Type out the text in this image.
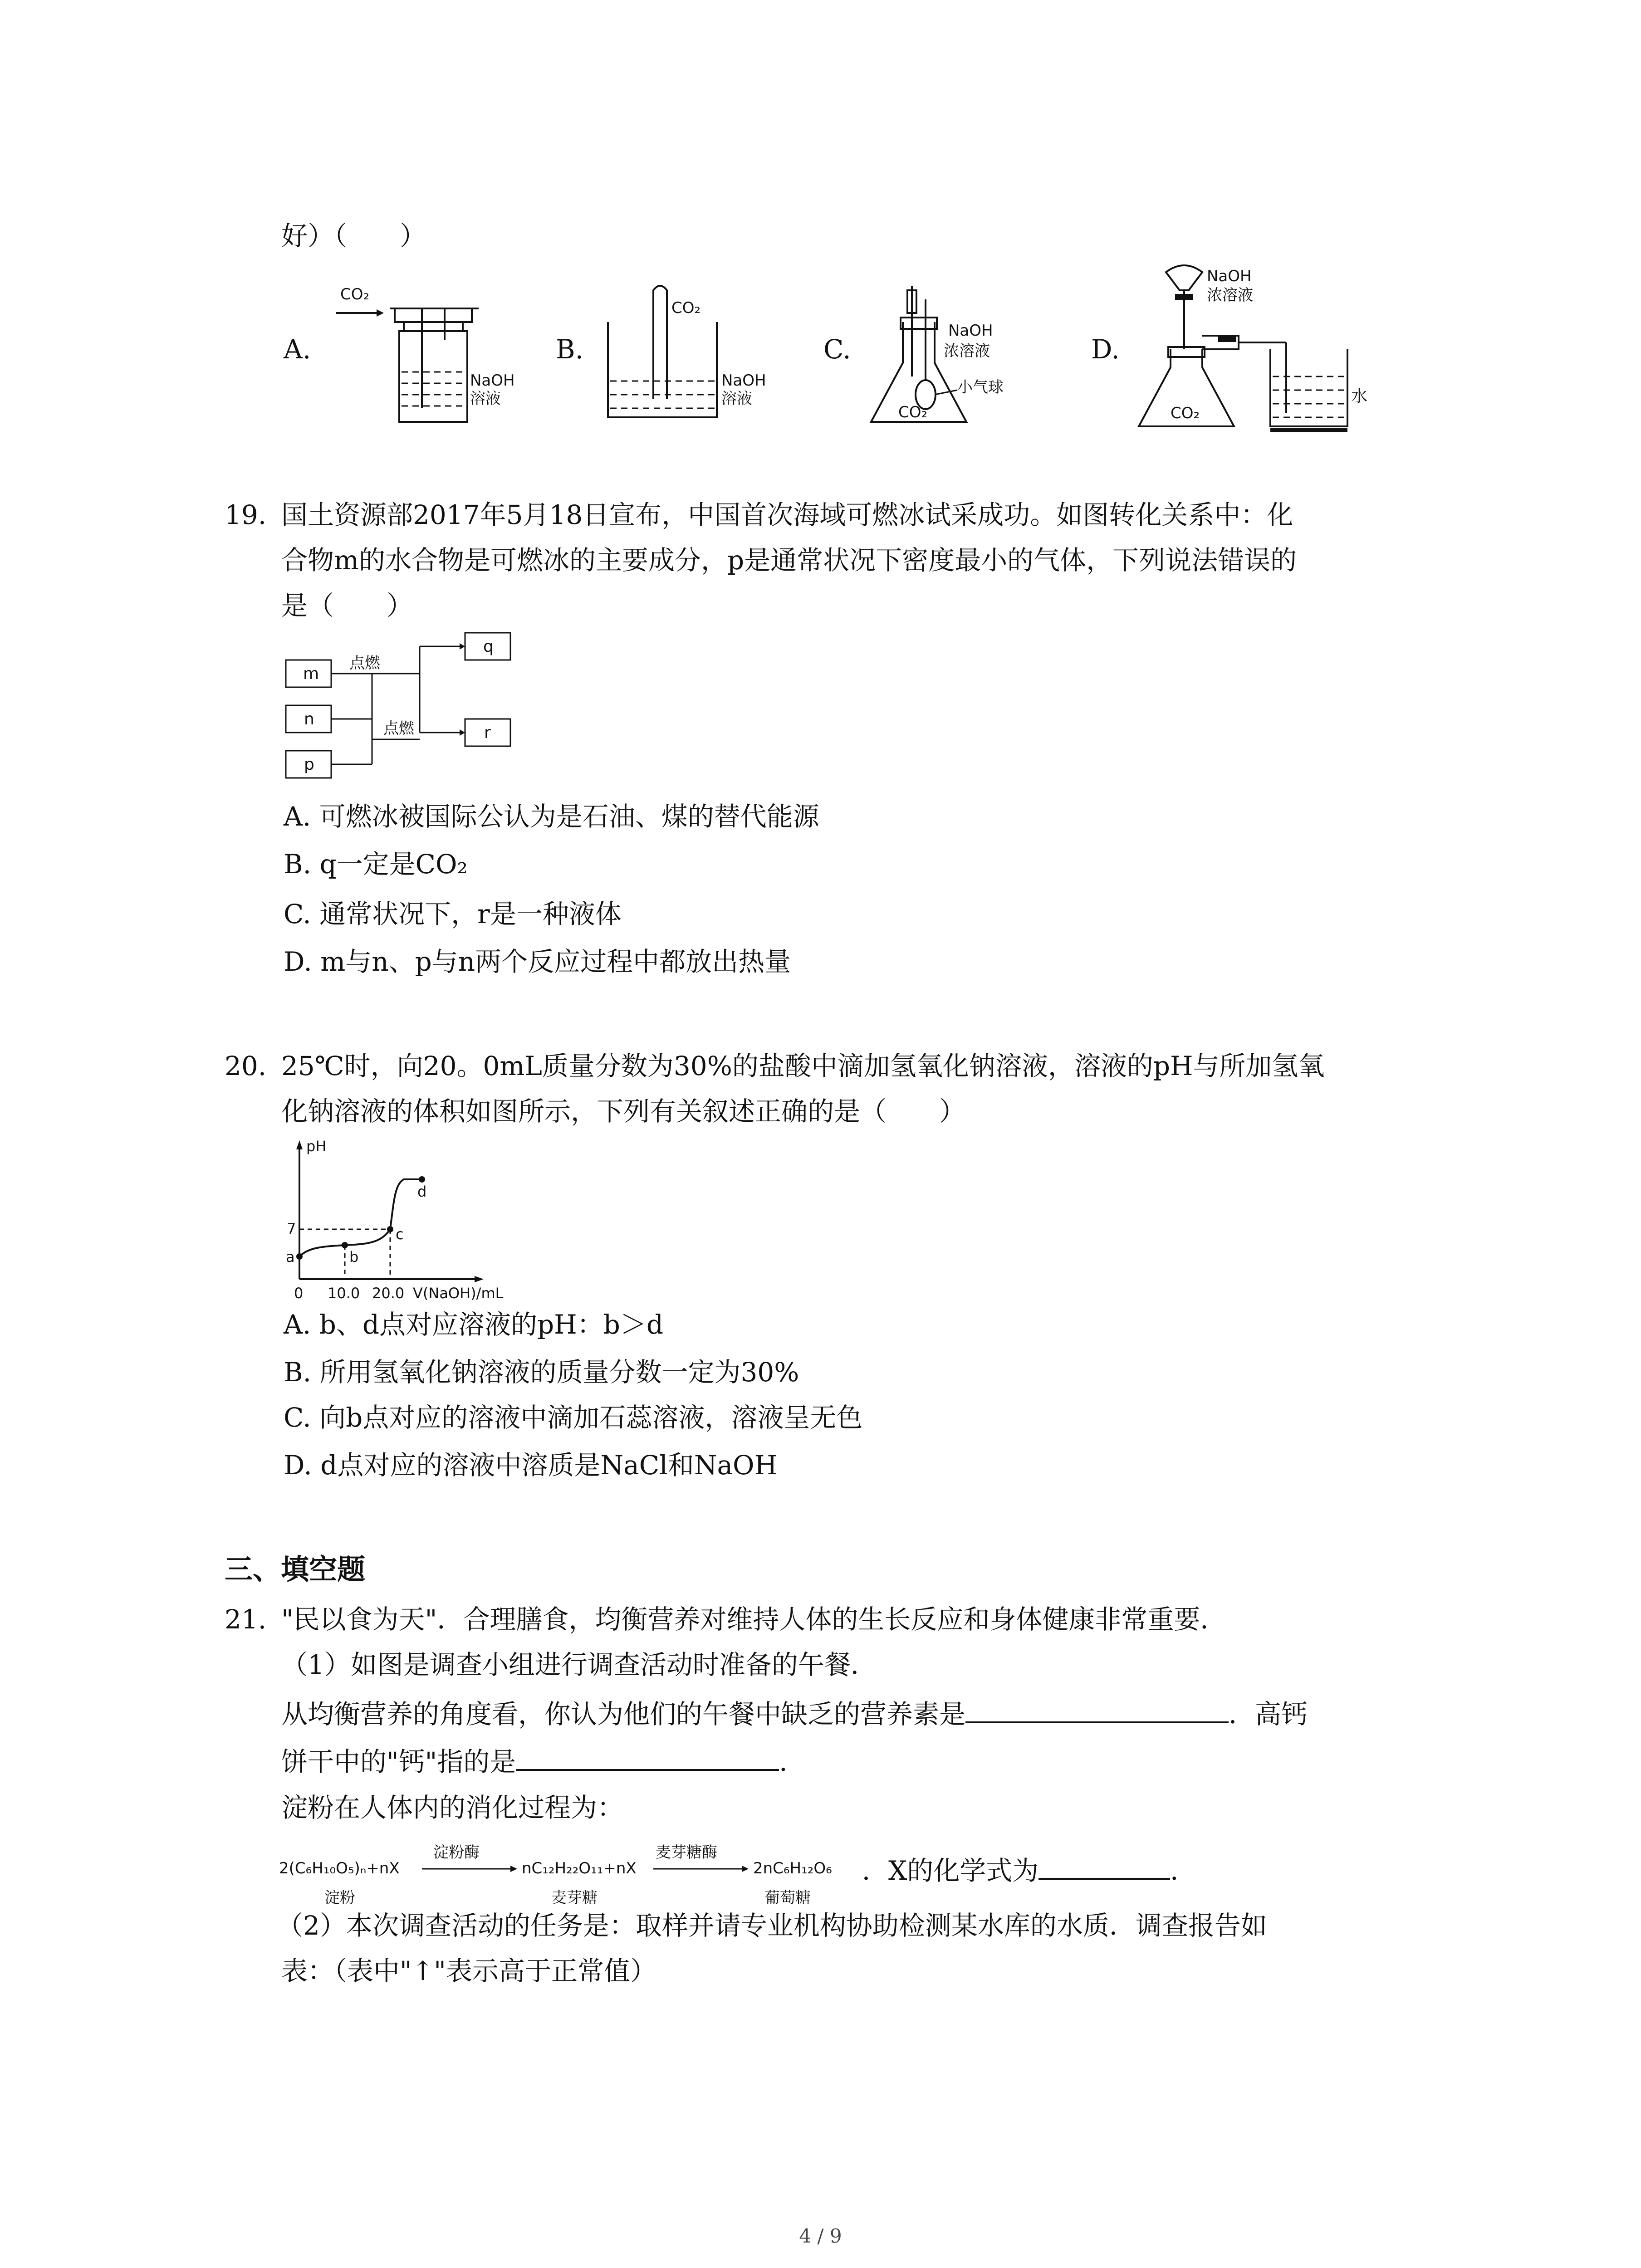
好）（　　）
A.	B.	C.	D.
CO₂
NaOH
溶液
CO₂
NaOH
溶液
NaOH
浓溶液
小气球
CO₂
NaOH
浓溶液
CO₂
水
19. 国土资源部2017年5月18日宣布，中国首次海域可燃冰试采成功。如图转化关系中：化
合物m的水合物是可燃冰的主要成分，p是通常状况下密度最小的气体，下列说法错误的
是（　　）
m
n
p
q
r
点燃
点燃
A. 可燃冰被国际公认为是石油、煤的替代能源
B. q一定是CO₂
C. 通常状况下，r是一种液体
D. m与n、p与n两个反应过程中都放出热量
20. 25℃时，向20。0mL质量分数为30%的盐酸中滴加氢氧化钠溶液，溶液的pH与所加氢氧
化钠溶液的体积如图所示，下列有关叙述正确的是（　　）
pH
V(NaOH)/mL
0 10.0 20.0
7
a	b
c
d
A. b、d点对应溶液的pH：b＞d
B. 所用氢氧化钠溶液的质量分数一定为30%
C. 向b点对应的溶液中滴加石蕊溶液，溶液呈无色
D. d点对应的溶液中溶质是NaCl和NaOH
三、填空题
21. "民以食为天"．合理膳食，均衡营养对维持人体的生长反应和身体健康非常重要．
（1）如图是调查小组进行调查活动时准备的午餐．
从均衡营养的角度看，你认为他们的午餐中缺乏的营养素是	．高钙
饼干中的"钙"指的是	．
淀粉在人体内的消化过程为：
2(C₆H₁₀O₅)ₙ+nX
淀粉酶
nC₁₂H₂₂O₁₁+nX
麦芽糖酶
2nC₆H₁₂O₆
淀粉	麦芽糖	葡萄糖
．X的化学式为	．
（2）本次调查活动的任务是：取样并请专业机构协助检测某水库的水质．调查报告如
表：（表中"↑"表示高于正常值）
4 / 9
